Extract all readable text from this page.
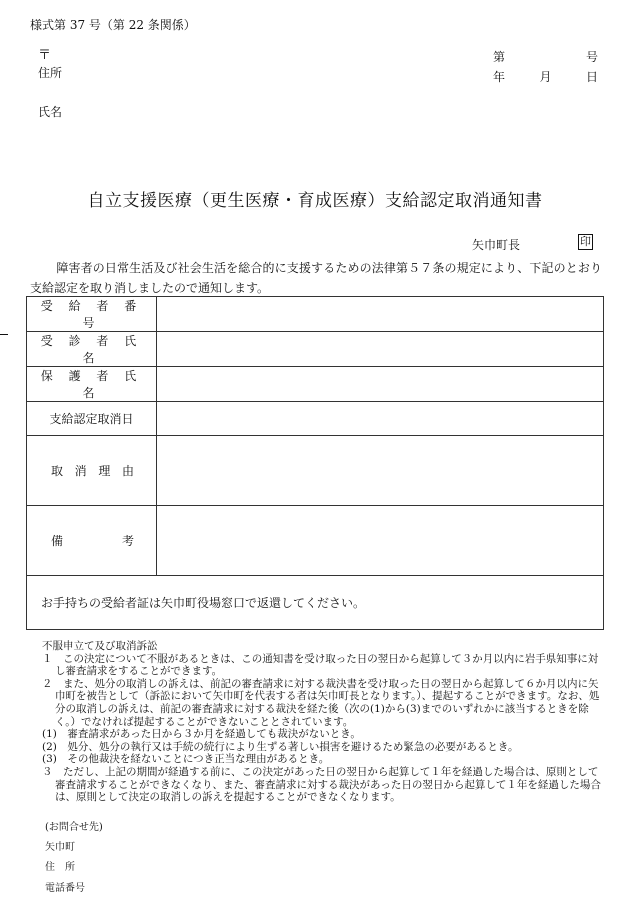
様式第 37 号（第 22 条関係）
〒
住所
氏名
第	号
年	月	日
自立支援医療（更生医療・育成医療）支給認定取消通知書
矢巾町長	印
障害者の日常生活及び社会生活を総合的に支援するための法律第５７条の規定により、下記のとおり支給認定を取り消しましたので通知します。
受 給 者 番 号	
受 診 者 氏 名	
保 護 者 氏 名	
支給認定取消日	

取 消 理 由	

備 考	

お手持ちの受給者証は矢巾町役場窓口で返還してください。	

不服申立て及び取消訴訟

１　この決定について不服があるときは、この通知書を受け取った日の翌日から起算して３か月以内に岩手県知事に対し審査請求をすることができます。

２　また、処分の取消しの訴えは、前記の審査請求に対する裁決書を受け取った日の翌日から起算して６か月以内に矢巾町を被告として（訴訟において矢巾町を代表する者は矢巾町長となります。）、提起することができます。なお、処分の取消しの訴えは、前記の審査請求に対する裁決を経た後（次の(1)から(3)までのいずれかに該当するときを除く。）でなければ提起することができないこととされています。

(1)　審査請求があった日から３か月を経過しても裁決がないとき。

(2)　処分、処分の執行又は手続の続行により生ずる著しい損害を避けるため緊急の必要があるとき。

(3)　その他裁決を経ないことにつき正当な理由があるとき。

３　ただし、上記の期間が経過する前に、この決定があった日の翌日から起算して１年を経過した場合は、原則として審査請求することができなくなり、また、審査請求に対する裁決があった日の翌日から起算して１年を経過した場合は、原則として決定の取消しの訴えを提起することができなくなります。

(お問合せ先)
矢巾町
住　所
電話番号
